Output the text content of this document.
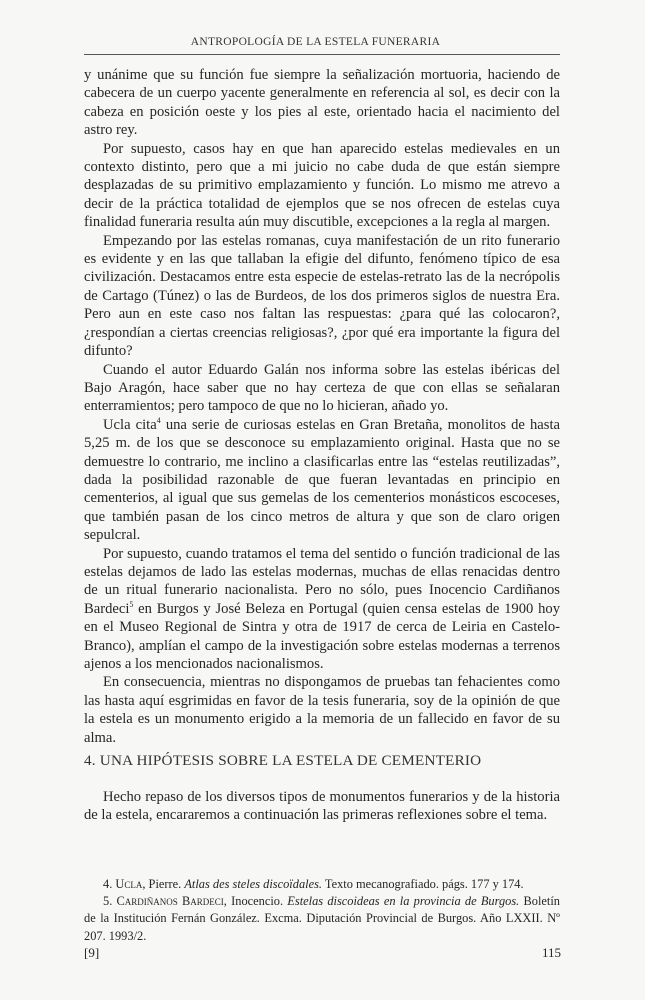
ANTROPOLOGÍA DE LA ESTELA FUNERARIA

y unánime que su función fue siempre la señalización mortuoria, haciendo de cabecera de un cuerpo yacente generalmente en referencia al sol, es decir con la cabeza en posición oeste y los pies al este, orientado hacia el nacimiento del astro rey.

Por supuesto, casos hay en que han aparecido estelas medievales en un contexto distinto, pero que a mi juicio no cabe duda de que están siempre desplazadas de su primitivo emplazamiento y función. Lo mismo me atrevo a decir de la práctica totalidad de ejemplos que se nos ofrecen de estelas cuya finalidad funeraria resulta aún muy discutible, excepciones a la regla al margen.

Empezando por las estelas romanas, cuya manifestación de un rito funerario es evidente y en las que tallaban la efigie del difunto, fenómeno típico de esa civilización. Destacamos entre esta especie de estelas-retrato las de la necrópolis de Cartago (Túnez) o las de Burdeos, de los dos primeros siglos de nuestra Era. Pero aun en este caso nos faltan las respuestas: ¿para qué las colocaron?, ¿respondían a ciertas creencias religiosas?, ¿por qué era importante la figura del difunto?

Cuando el autor Eduardo Galán nos informa sobre las estelas ibéricas del Bajo Aragón, hace saber que no hay certeza de que con ellas se señalaran enterramientos; pero tampoco de que no lo hicieran, añado yo.

Ucla cita$^4$ una serie de curiosas estelas en Gran Bretaña, monolitos de hasta 5,25 m. de los que se desconoce su emplazamiento original. Hasta que no se demuestre lo contrario, me inclino a clasificarlas entre las “estelas reutilizadas”, dada la posibilidad razonable de que fueran levantadas en principio en cementerios, al igual que sus gemelas de los cementerios monásticos escoceses, que también pasan de los cinco metros de altura y que son de claro origen sepulcral.

Por supuesto, cuando tratamos el tema del sentido o función tradicional de las estelas dejamos de lado las estelas modernas, muchas de ellas renacidas dentro de un ritual funerario nacionalista. Pero no sólo, pues Inocencio Cardiñanos Bardeci$^5$ en Burgos y José Beleza en Portugal (quien censa estelas de 1900 hoy en el Museo Regional de Sintra y otra de 1917 de cerca de Leiria en Castelo-Branco), amplían el campo de la investigación sobre estelas modernas a terrenos ajenos a los mencionados nacionalismos.

En consecuencia, mientras no dispongamos de pruebas tan fehacientes como las hasta aquí esgrimidas en favor de la tesis funeraria, soy de la opinión de que la estela es un monumento erigido a la memoria de un fallecido en favor de su alma.

4. UNA HIPÓTESIS SOBRE LA ESTELA DE CEMENTERIO

Hecho repaso de los diversos tipos de monumentos funerarios y de la historia de la estela, encararemos a continuación las primeras reflexiones sobre el tema.

4. Ucla, Pierre. Atlas des steles discoïdales. Texto mecanografiado. págs. 177 y 174.

5. Cardiñanos Bardeci, Inocencio. Estelas discoideas en la provincia de Burgos. Boletín de la Institución Fernán González. Excma. Diputación Provincial de Burgos. Año LXXII. Nº 207. 1993/2.

[9]	115
